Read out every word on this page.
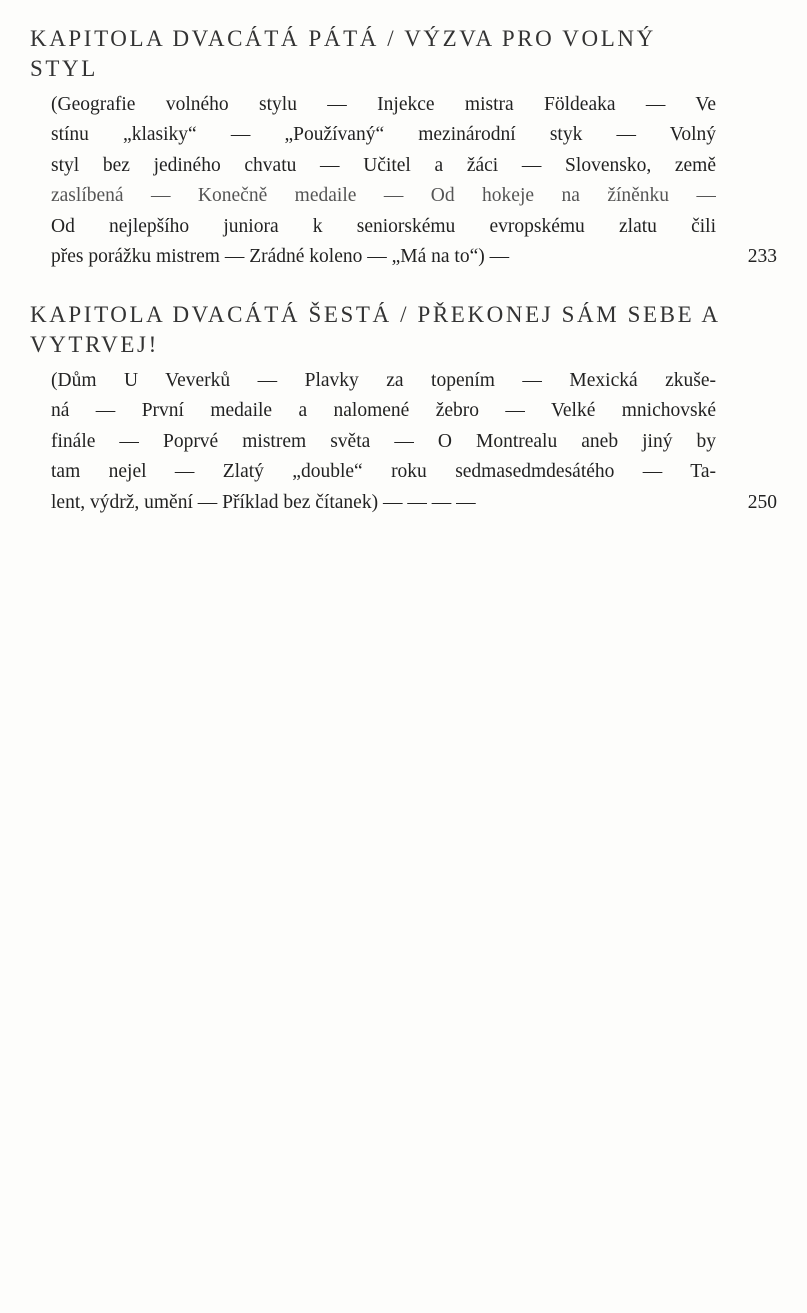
KAPITOLA DVACÁTÁ PÁTÁ / VÝZVA PRO VOLNÝ STYL
(Geografie volného stylu — Injekce mistra Földeaka — Ve
stínu „klasiky“ — „Používaný“ mezinárodní styk — Volný
styl bez jediného chvatu — Učitel a žáci — Slovensko, země
zaslíbená — Konečně medaile — Od hokeje na žíněnku —
Od nejlepšího juniora k seniorskému evropskému zlatu čili
přes porážku mistrem — Zrádné koleno — „Má na to“) —	233
KAPITOLA DVACÁTÁ ŠESTÁ / PŘEKONEJ SÁM SEBE A VYTRVEJ!
(Dům U Veverků — Plavky za topením — Mexická zkuše-
ná — První medaile a nalomené žebro — Velké mnichovské
finále — Poprvé mistrem světa — O Montrealu aneb jiný by
tam nejel — Zlatý „double“ roku sedmasedmdesátého — Ta-
lent, výdrž, umění — Příklad bez čítanek) — — — —	250
